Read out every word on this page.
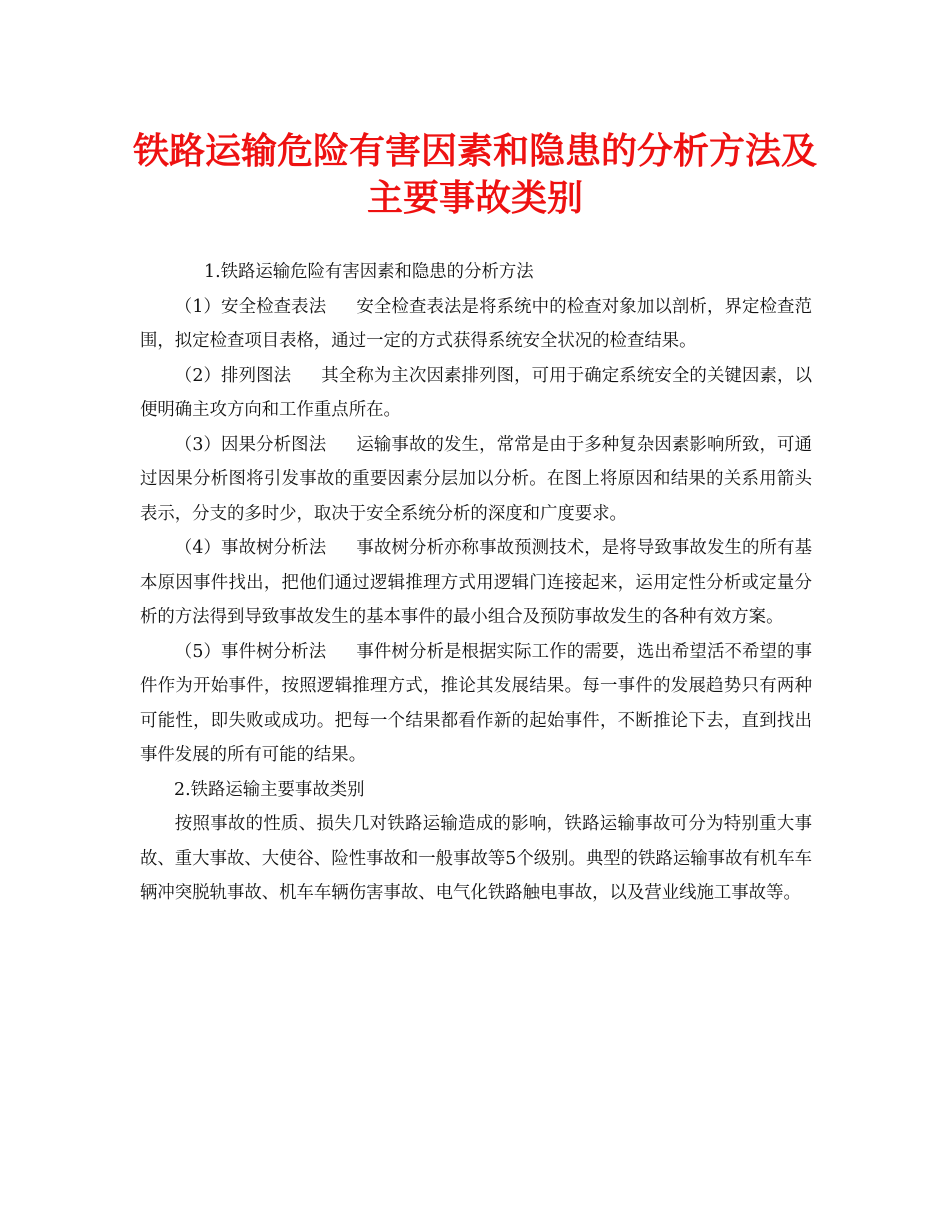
铁路运输危险有害因素和隐患的分析方法及
主要事故类别

1.铁路运输危险有害因素和隐患的分析方法

（1）安全检查表法 安全检查表法是将系统中的检查对象加以剖析，界定检查范围，拟定检查项目表格，通过一定的方式获得系统安全状况的检查结果。

（2）排列图法 其全称为主次因素排列图，可用于确定系统安全的关键因素，以便明确主攻方向和工作重点所在。

（3）因果分析图法 运输事故的发生，常常是由于多种复杂因素影响所致，可通过因果分析图将引发事故的重要因素分层加以分析。在图上将原因和结果的关系用箭头表示，分支的多时少，取决于安全系统分析的深度和广度要求。

（4）事故树分析法 事故树分析亦称事故预测技术，是将导致事故发生的所有基本原因事件找出，把他们通过逻辑推理方式用逻辑门连接起来，运用定性分析或定量分析的方法得到导致事故发生的基本事件的最小组合及预防事故发生的各种有效方案。

（5）事件树分析法 事件树分析是根据实际工作的需要，选出希望活不希望的事件作为开始事件，按照逻辑推理方式，推论其发展结果。每一事件的发展趋势只有两种可能性，即失败或成功。把每一个结果都看作新的起始事件，不断推论下去，直到找出事件发展的所有可能的结果。

2.铁路运输主要事故类别

按照事故的性质、损失几对铁路运输造成的影响，铁路运输事故可分为特别重大事故、重大事故、大使谷、险性事故和一般事故等5个级别。典型的铁路运输事故有机车车辆冲突脱轨事故、机车车辆伤害事故、电气化铁路触电事故，以及营业线施工事故等。
